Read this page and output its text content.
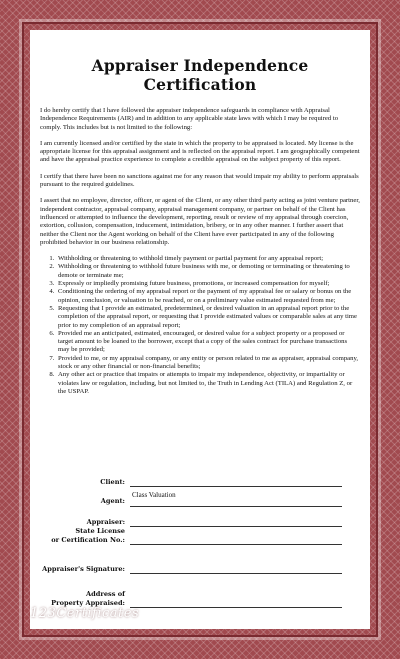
Appraiser Independence Certification

I do hereby certify that I have followed the appraiser independence safeguards in compliance with Appraisal Independence Requirements (AIR) and in addition to any applicable state laws with which I may be required to comply. This includes but is not limited to the following:

I am currently licensed and/or certified by the state in which the property to be appraised is located. My license is the appropriate license for this appraisal assignment and is reflected on the appraisal report. I am geographically competent and have the appraisal practice experience to complete a credible appraisal on the subject property of this report.

I certify that there have been no sanctions against me for any reason that would impair my ability to perform appraisals pursuant to the required guidelines.

I assert that no employee, director, officer, or agent of the Client, or any other third party acting as joint venture partner, independent contractor, appraisal company, appraisal management company, or partner on behalf of the Client has influenced or attempted to influence the development, reporting, result or review of my appraisal through coercion, extortion, collusion, compensation, inducement, intimidation, bribery, or in any other manner. I further assert that neither the Client nor the Agent working on behalf of the Client have ever participated in any of the following prohibited behavior in our business relationship.

1. Withholding or threatening to withhold timely payment or partial payment for any appraisal report;
2. Withholding or threatening to withhold future business with me, or demoting or terminating or threatening to demote or terminate me;
3. Expressly or impliedly promising future business, promotions, or increased compensation for myself;
4. Conditioning the ordering of my appraisal report or the payment of my appraisal fee or salary or bonus on the opinion, conclusion, or valuation to be reached, or on a preliminary value estimated requested from me;
5. Requesting that I provide an estimated, predetermined, or desired valuation in an appraisal report prior to the completion of the appraisal report, or requesting that I provide estimated values or comparable sales at any time prior to my completion of an appraisal report;
6. Provided me an anticipated, estimated, encouraged, or desired value for a subject property or a proposed or target amount to be loaned to the borrower, except that a copy of the sales contract for purchase transactions may be provided;
7. Provided to me, or my appraisal company, or any entity or person related to me as appraiser, appraisal company, stock or any other financial or non-financial benefits;
8. Any other act or practice that impairs or attempts to impair my independence, objectivity, or impartiality or violates law or regulation, including, but not limited to, the Truth in Lending Act (TILA) and Regulation Z, or the USPAP.
Client:
Agent:
Class Valuation
Appraiser:
State License
or Certification No.:
Appraiser's Signature:
Address of
Property Appraised:
123Certificates
